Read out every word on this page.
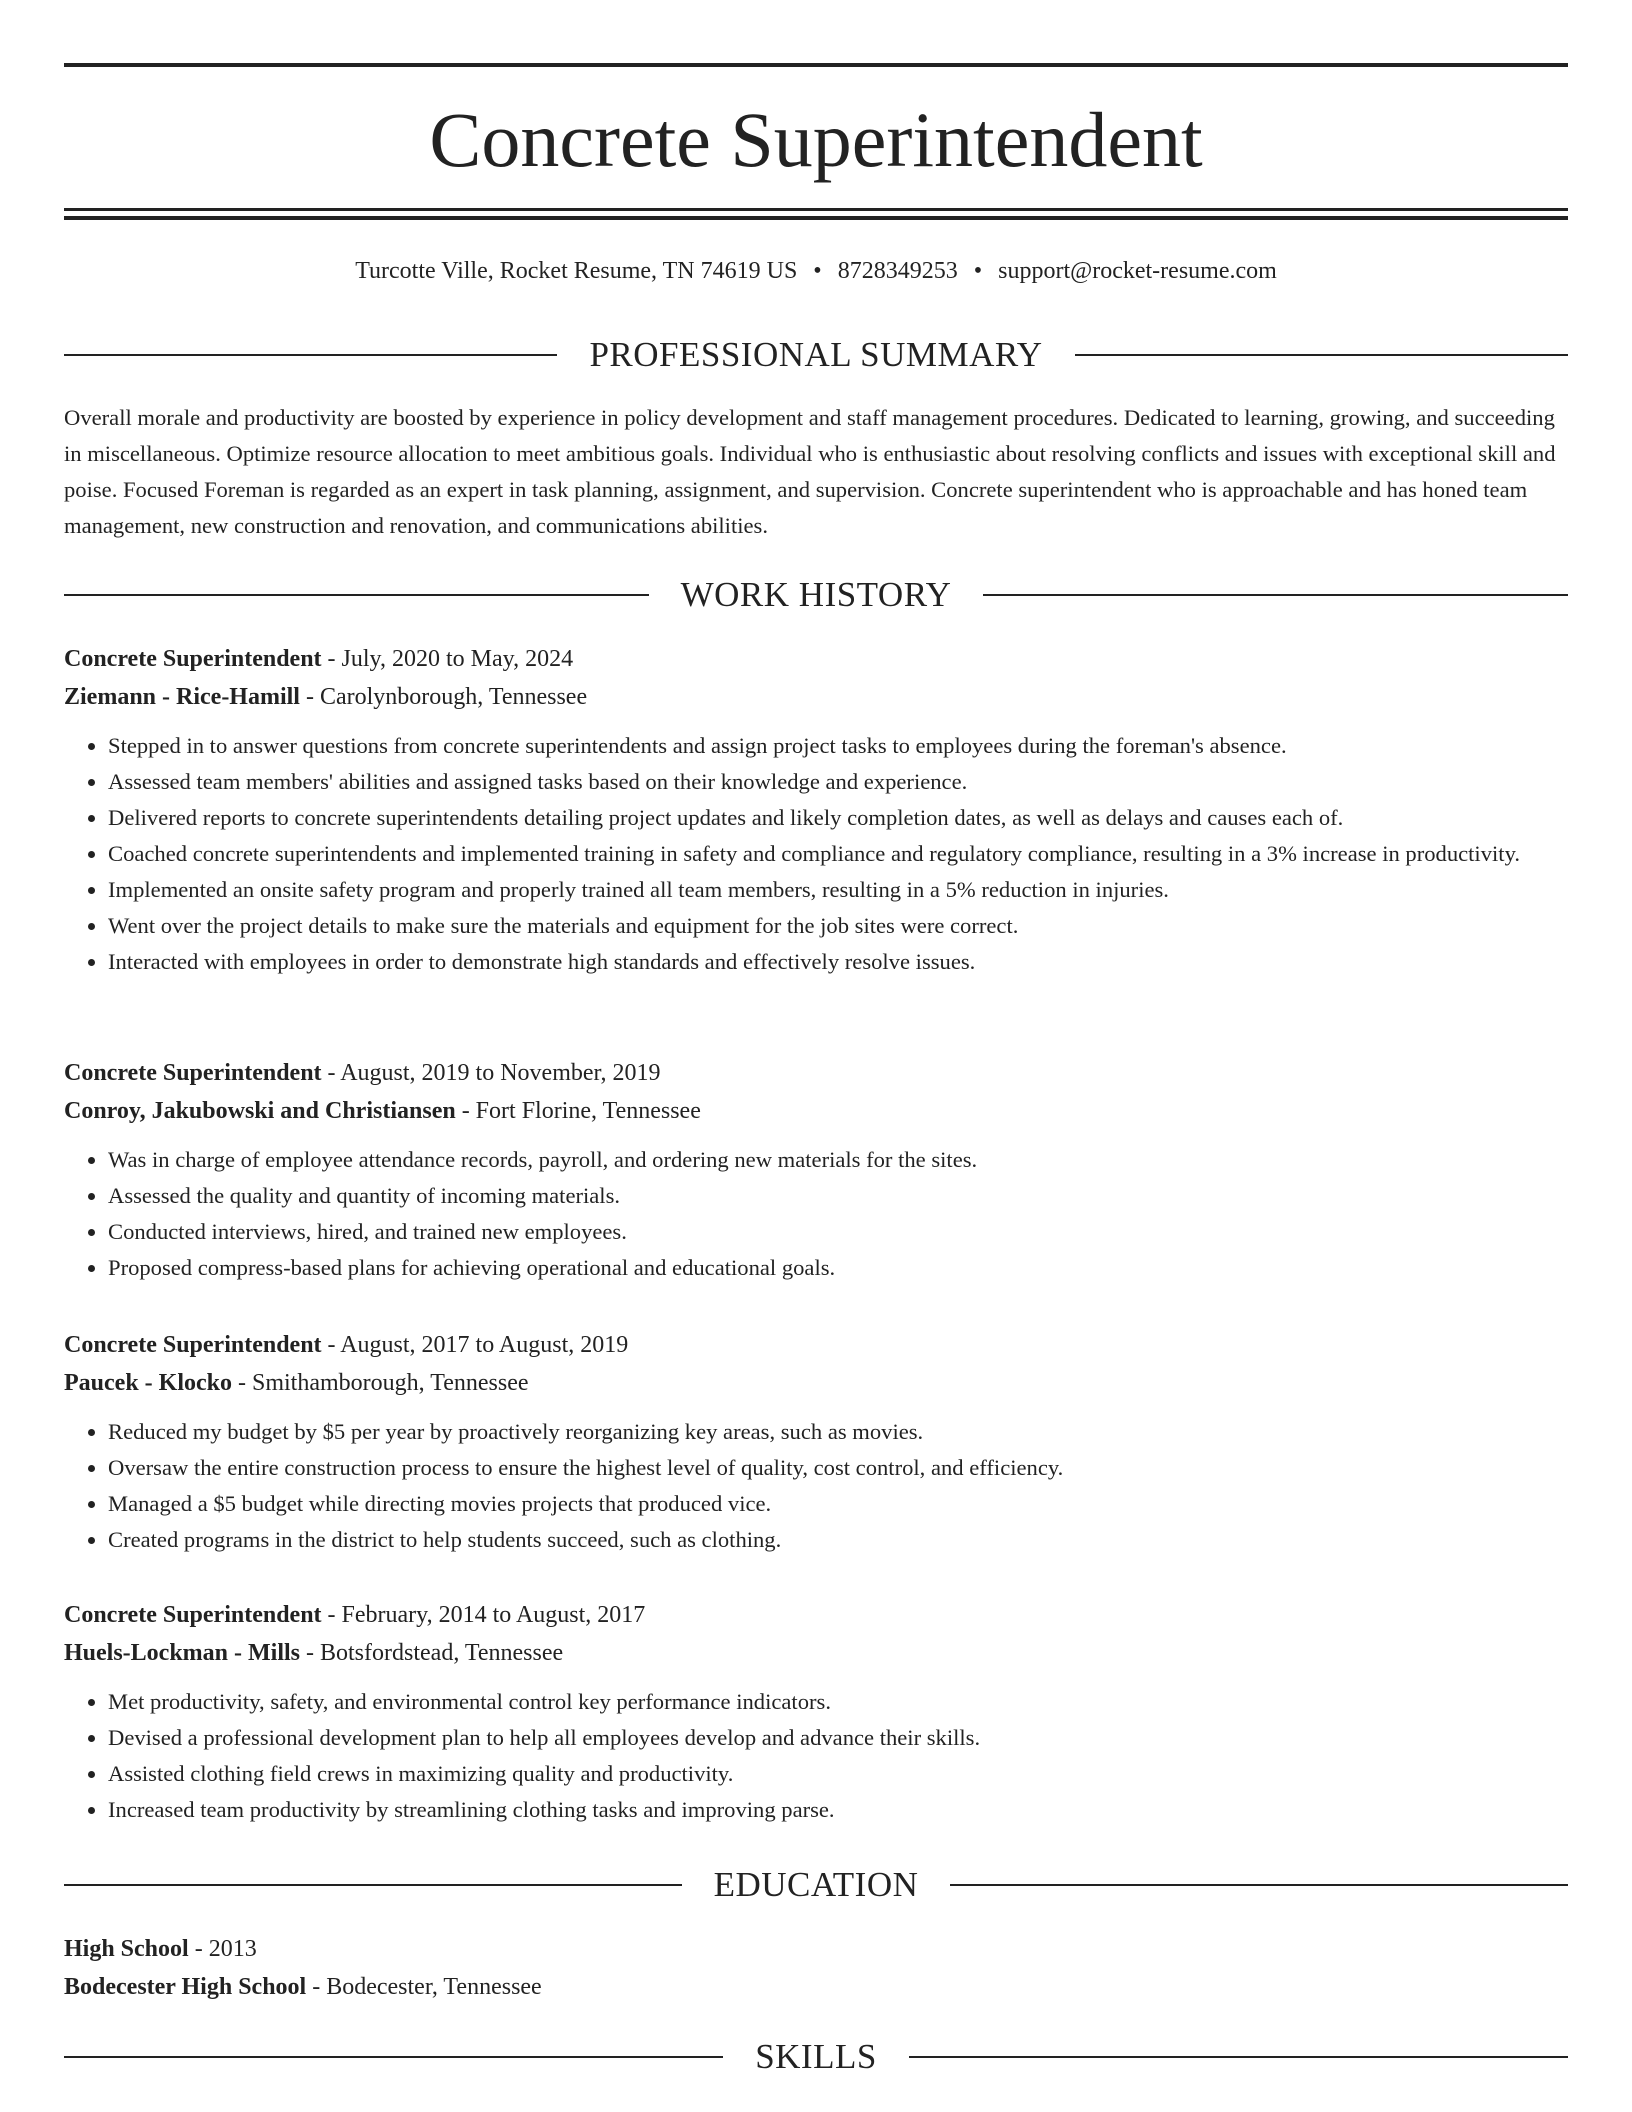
Concrete Superintendent
Turcotte Ville, Rocket Resume, TN 74619 US • 8728349253 • support@rocket-resume.com
PROFESSIONAL SUMMARY

Overall morale and productivity are boosted by experience in policy development and staff management procedures. Dedicated to learning, growing, and succeeding in miscellaneous. Optimize resource allocation to meet ambitious goals. Individual who is enthusiastic about resolving conflicts and issues with exceptional skill and poise. Focused Foreman is regarded as an expert in task planning, assignment, and supervision. Concrete superintendent who is approachable and has honed team management, new construction and renovation, and communications abilities.

WORK HISTORY
Concrete Superintendent - July, 2020 to May, 2024
Ziemann - Rice-Hamill - Carolynborough, Tennessee
• Stepped in to answer questions from concrete superintendents and assign project tasks to employees during the foreman's absence.
• Assessed team members' abilities and assigned tasks based on their knowledge and experience.
• Delivered reports to concrete superintendents detailing project updates and likely completion dates, as well as delays and causes each of.
• Coached concrete superintendents and implemented training in safety and compliance and regulatory compliance, resulting in a 3% increase in productivity.
• Implemented an onsite safety program and properly trained all team members, resulting in a 5% reduction in injuries.
• Went over the project details to make sure the materials and equipment for the job sites were correct.
• Interacted with employees in order to demonstrate high standards and effectively resolve issues.
Concrete Superintendent - August, 2019 to November, 2019
Conroy, Jakubowski and Christiansen - Fort Florine, Tennessee
• Was in charge of employee attendance records, payroll, and ordering new materials for the sites.
• Assessed the quality and quantity of incoming materials.
• Conducted interviews, hired, and trained new employees.
• Proposed compress-based plans for achieving operational and educational goals.
Concrete Superintendent - August, 2017 to August, 2019
Paucek - Klocko - Smithamborough, Tennessee
• Reduced my budget by $5 per year by proactively reorganizing key areas, such as movies.
• Oversaw the entire construction process to ensure the highest level of quality, cost control, and efficiency.
• Managed a $5 budget while directing movies projects that produced vice.
• Created programs in the district to help students succeed, such as clothing.
Concrete Superintendent - February, 2014 to August, 2017
Huels-Lockman - Mills - Botsfordstead, Tennessee
• Met productivity, safety, and environmental control key performance indicators.
• Devised a professional development plan to help all employees develop and advance their skills.
• Assisted clothing field crews in maximizing quality and productivity.
• Increased team productivity by streamlining clothing tasks and improving parse.
EDUCATION
High School - 2013
Bodecester High School - Bodecester, Tennessee
SKILLS
